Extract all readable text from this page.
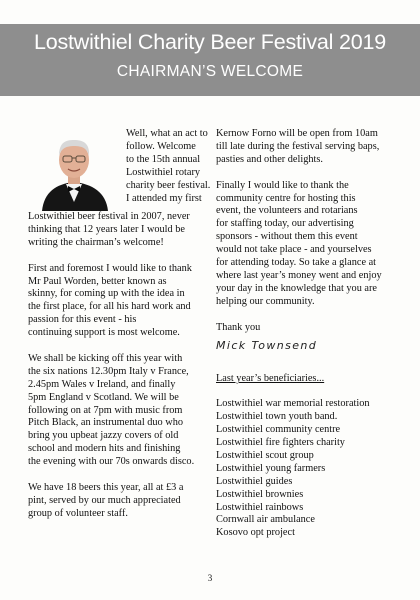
Lostwithiel Charity Beer Festival 2019
CHAIRMAN’S WELCOME
Well, what an act to
follow. Welcome
to the 15th annual
Lostwithiel rotary
charity beer festival.
I attended my first
Lostwithiel beer festival in 2007, never
thinking that 12 years later I would be
writing the chairman’s welcome!
First and foremost I would like to thank
Mr Paul Worden, better known as
skinny, for coming up with the idea in
the first place, for all his hard work and
passion for this event - his
continuing support is most welcome.
We shall be kicking off this year with
the six nations 12.30pm Italy v France,
2.45pm Wales v Ireland, and finally
5pm England v Scotland. We will be
following on at 7pm with music from
Pitch Black, an instrumental duo who
bring you upbeat jazzy covers of old
school and modern hits and finishing
the evening with our 70s onwards disco.
We have 18 beers this year, all at £3 a
pint, served by our much appreciated
group of volunteer staff.
Kernow Forno will be open from 10am
till late during the festival serving baps,
pasties and other delights.
Finally I would like to thank the
community centre for hosting this
event, the volunteers and rotarians
for staffing today, our advertising
sponsors - without them this event
would not take place - and yourselves
for attending today. So take a glance at
where last year’s money went and enjoy
your day in the knowledge that you are
helping our community.
Thank you
Mick Townsend
Last year’s beneficiaries...
Lostwithiel war memorial restoration
Lostwithiel town youth band.
Lostwithiel community centre
Lostwithiel fire fighters charity
Lostwithiel scout group
Lostwithiel young farmers
Lostwithiel guides
Lostwithiel brownies
Lostwithiel rainbows
Cornwall air ambulance
Kosovo opt project
3
